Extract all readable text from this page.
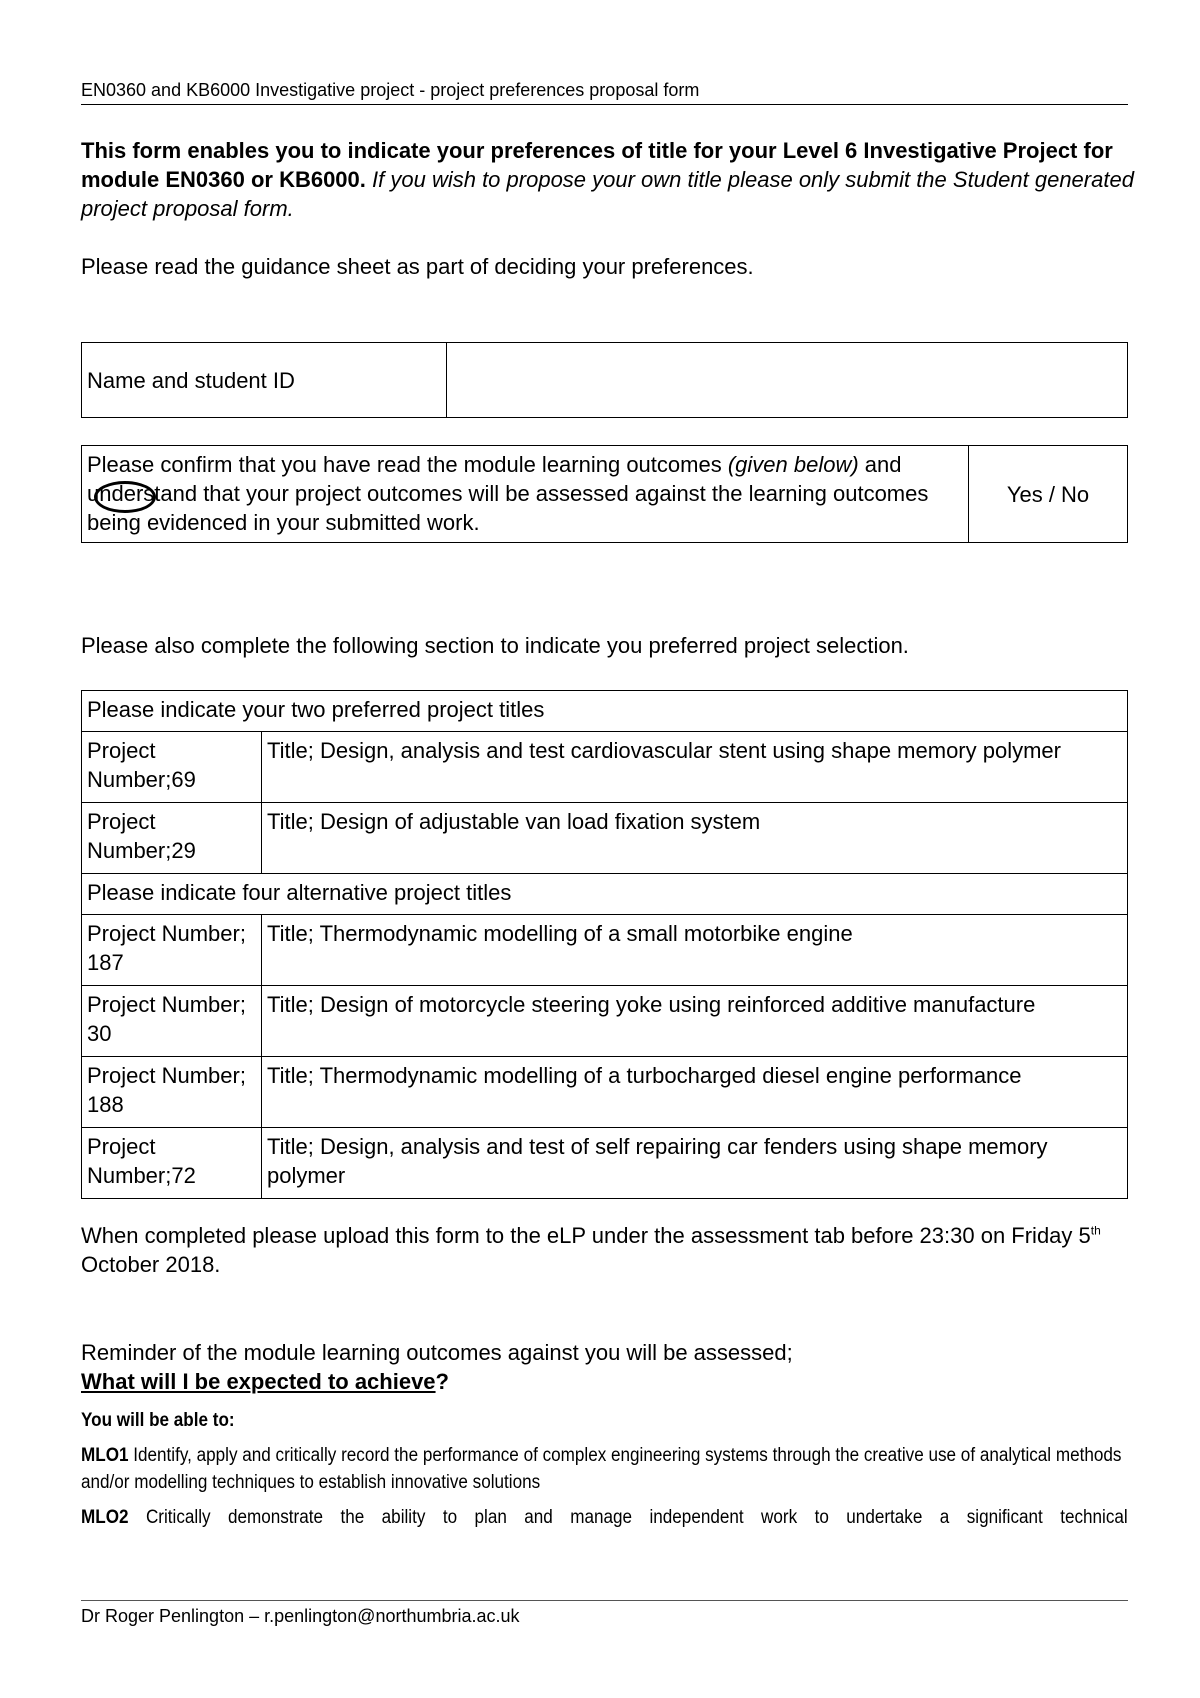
EN0360 and KB6000 Investigative project - project preferences proposal form
This form enables you to indicate your preferences of title for your Level 6 Investigative Project for module EN0360 or KB6000. If you wish to propose your own title please only submit the Student generated project proposal form.
Please read the guidance sheet as part of deciding your preferences.
Name and student ID	
Please confirm that you have read the module learning outcomes (given below) and understand that your project outcomes will be assessed against the learning outcomes being evidenced in your submitted work.	Yes / No
Please also complete the following section to indicate you preferred project selection.
Please indicate your two preferred project titles	
Project Number;69	Title; Design, analysis and test cardiovascular stent using shape memory polymer
Project Number;29	Title; Design of adjustable van load fixation system
Please indicate four alternative project titles	
Project Number; 187	Title; Thermodynamic modelling of a small motorbike engine
Project Number; 30	Title; Design of motorcycle steering yoke using reinforced additive manufacture
Project Number; 188	Title; Thermodynamic modelling of a turbocharged diesel engine performance
Project Number;72	Title; Design, analysis and test of self repairing car fenders using shape memory polymer
When completed please upload this form to the eLP under the assessment tab before 23:30 on Friday 5th October 2018.
Reminder of the module learning outcomes against you will be assessed;
What will I be expected to achieve?

You will be able to:

MLO1 Identify, apply and critically record the performance of complex engineering systems through the creative use of analytical methods and/or modelling techniques to establish innovative solutions

MLO2 Critically demonstrate the ability to plan and manage independent work to undertake a significant technical

Dr Roger Penlington – r.penlington@northumbria.ac.uk
